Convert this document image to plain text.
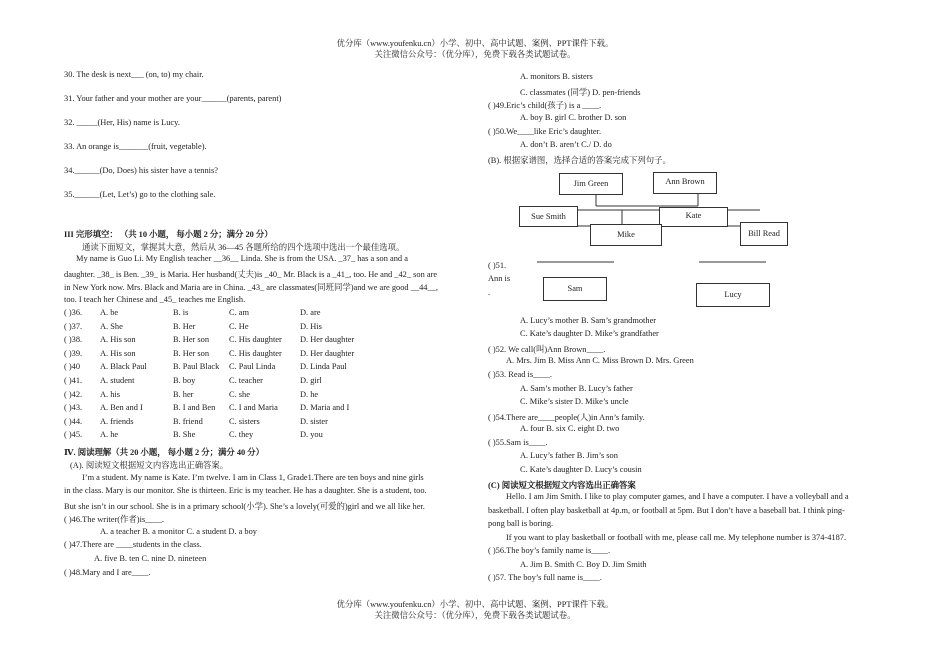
优分库（www.youfenku.cn）小学、初中、高中试题、案例、PPT课件下载。
关注微信公众号：（优分库），免费下载各类试题试卷。
30. The desk is next___ (on, to) my chair.
31. Your father and your mother are your______(parents, parent)
32. _____(Her, His) name is Lucy.
33. An orange is_______(fruit, vegetable).
34.______(Do, Does) his sister have a tennis?
35.______(Let, Let’s) go to the clothing sale.
III 完形填空： （共 10 小题， 每小题 2 分；满分 20 分）
通读下面短文，掌握其大意，然后从 36—45 各题所给的四个选项中选出一个最佳选项。
My name is Guo Li. My English teacher __36__ Linda. She is from the USA. _37_ has a son and a
daughter. _38_ is Ben. _39_ is Maria. Her husband(丈夫)is _40_ Mr. Black is a _41_, too. He and _42_ son are
in New York now. Mrs. Black and Maria are in China. _43_ are classmates(同班同学)and we are good __44__,
too. I teach her Chinese and _45_ teaches me English.
( )36. A. be	B. is	C. am	D. are
( )37. A. She	B. Her	C. He	D. His
( )38. A. His son	B. Her son C. His daughter D. Her daughter
( )39. A. His son	B. Her son C. His daughter D. Her daughter
( )40 A. Black Paul	B. Paul Black C. Paul Linda	D. Linda Paul
( )41. A. student	B. boy	C. teacher	D. girl
( )42. A. his	B. her	C. she	D. he
( )43. A. Ben and I	B. I and Ben C. I and Maria	D. Maria and I
( )44. A. friends	B. friend	C. sisters	D. sister
( )45. A. he	B. She	C. they	D. you
Ⅳ. 阅读理解（共 20 小题， 每小题 2 分；满分 40 分）
(A). 阅读短文根据短文内容选出正确答案。
I’m a student. My name is Kate. I’m twelve. I am in Class 1, Grade1.There are ten boys and nine girls
in the class. Mary is our monitor. She is thirteen. Eric is my teacher. He has a daughter. She is a student, too.
But she isn’t in our school. She is in a primary school(小学). She’s a lovely(可爱的)girl and we all like her.
( )46.The writer(作者)is____.
A. a teacher B. a monitor C. a student D. a boy
( )47.There are ____students in the class.
A. five B. ten C. nine D. nineteen
( )48.Mary and I are____.
A. monitors B. sisters
C. classmates (同学) D. pen-friends
( )49.Eric’s child(孩子) is a ____.
A. boy B. girl C. brother D. son
( )50.We____like Eric’s daughter.
A. don’t B. aren’t C./ D. do
(B). 根据家谱图，选择合适的答案完成下列句子。
Jim Green	Ann Brown
Sue Smith	Kate
Mike	Bill Read
Sam
Lucy
( )51.
Ann is
.
A. Lucy’s mother B. Sam’s grandmother
C. Kate’s daughter D. Mike’s grandfather
( )52. We call(叫)Ann Brown____.
A. Mrs. Jim B. Miss Ann C. Miss Brown D. Mrs. Green
( )53. Read is____.
A. Sam’s mother B. Lucy’s father
C. Mike’s sister D. Mike’s uncle
( )54.There are____people(人)in Ann’s family.
A. four B. six C. eight D. two
( )55.Sam is____.
A. Lucy’s father B. Jim’s son
C. Kate’s daughter D. Lucy’s cousin
(C) 阅读短文根据短文内容选出正确答案
Hello. I am Jim Smith. I like to play computer games, and I have a computer. I have a volleyball and a
basketball. I often play basketball at 4p.m, or football at 5pm. But I don’t have a baseball bat. I think ping-
pong ball is boring.
If you want to play basketball or football with me, please call me. My telephone number is 374-4187.
( )56.The boy’s family name is____.
A. Jim B. Smith C. Boy D. Jim Smith
( )57. The boy’s full name is____.
优分库（www.youfenku.cn）小学、初中、高中试题、案例、PPT课件下载。
关注微信公众号：（优分库），免费下载各类试题试卷。
